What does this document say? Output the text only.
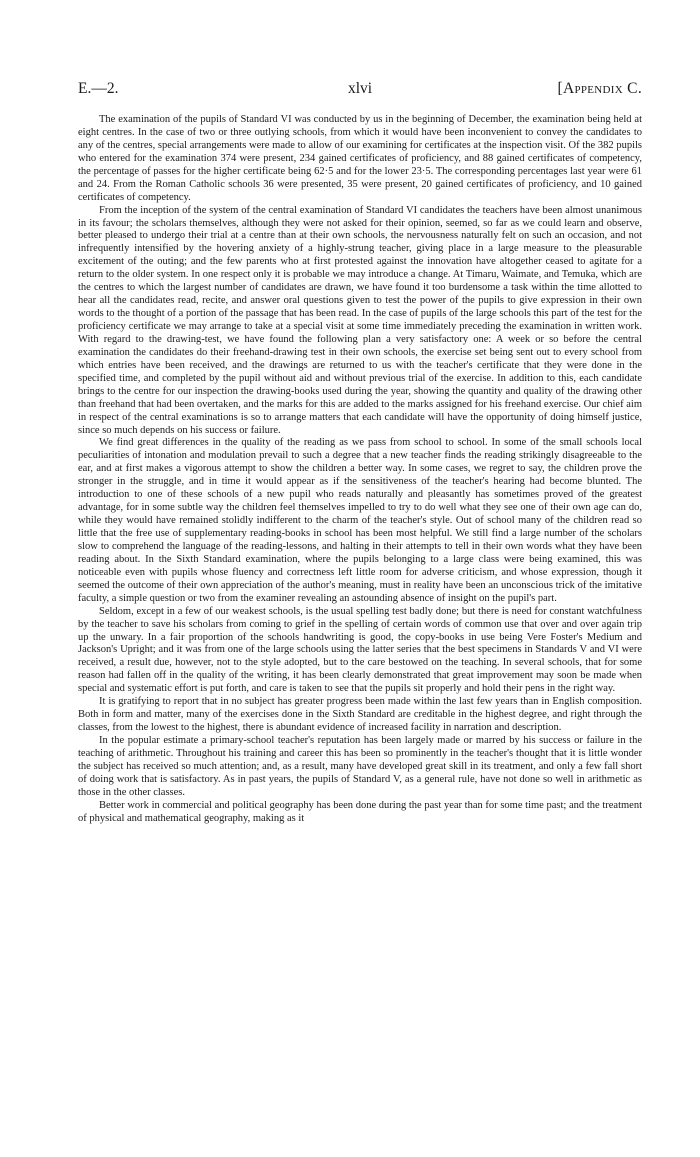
E.—2.	xlvi	[Appendix C.

The examination of the pupils of Standard VI was conducted by us in the beginning of December, the examination being held at eight centres. In the case of two or three outlying schools, from which it would have been inconvenient to convey the candidates to any of the centres, special arrangements were made to allow of our examining for certificates at the inspection visit. Of the 382 pupils who entered for the examination 374 were present, 234 gained certificates of proficiency, and 88 gained certificates of competency, the percentage of passes for the higher certificate being 62·5 and for the lower 23·5. The corresponding percentages last year were 61 and 24. From the Roman Catholic schools 36 were presented, 35 were present, 20 gained certificates of proficiency, and 10 gained certificates of competency.

From the inception of the system of the central examination of Standard VI candidates the teachers have been almost unanimous in its favour; the scholars themselves, although they were not asked for their opinion, seemed, so far as we could learn and observe, better pleased to undergo their trial at a centre than at their own schools, the nervousness naturally felt on such an occasion, and not infrequently intensified by the hovering anxiety of a highly-strung teacher, giving place in a large measure to the pleasurable excitement of the outing; and the few parents who at first protested against the innovation have altogether ceased to agitate for a return to the older system. In one respect only it is probable we may introduce a change. At Timaru, Waimate, and Temuka, which are the centres to which the largest number of candidates are drawn, we have found it too burdensome a task within the time allotted to hear all the candidates read, recite, and answer oral questions given to test the power of the pupils to give expression in their own words to the thought of a portion of the passage that has been read. In the case of pupils of the large schools this part of the test for the proficiency certificate we may arrange to take at a special visit at some time immediately preceding the examination in written work. With regard to the drawing-test, we have found the following plan a very satisfactory one: A week or so before the central examination the candidates do their freehand-drawing test in their own schools, the exercise set being sent out to every school from which entries have been received, and the drawings are returned to us with the teacher's certificate that they were done in the specified time, and completed by the pupil without aid and without previous trial of the exercise. In addition to this, each candidate brings to the centre for our inspection the drawing-books used during the year, showing the quantity and quality of the drawing other than freehand that had been overtaken, and the marks for this are added to the marks assigned for his freehand exercise. Our chief aim in respect of the central examinations is so to arrange matters that each candidate will have the opportunity of doing himself justice, since so much depends on his success or failure.

We find great differences in the quality of the reading as we pass from school to school. In some of the small schools local peculiarities of intonation and modulation prevail to such a degree that a new teacher finds the reading strikingly disagreeable to the ear, and at first makes a vigorous attempt to show the children a better way. In some cases, we regret to say, the children prove the stronger in the struggle, and in time it would appear as if the sensitiveness of the teacher's hearing had become blunted. The introduction to one of these schools of a new pupil who reads naturally and pleasantly has sometimes proved of the greatest advantage, for in some subtle way the children feel themselves impelled to try to do well what they see one of their own age can do, while they would have remained stolidly indifferent to the charm of the teacher's style. Out of school many of the children read so little that the free use of supplementary reading-books in school has been most helpful. We still find a large number of the scholars slow to comprehend the language of the reading-lessons, and halting in their attempts to tell in their own words what they have been reading about. In the Sixth Standard examination, where the pupils belonging to a large class were being examined, this was noticeable even with pupils whose fluency and correctness left little room for adverse criticism, and whose expression, though it seemed the outcome of their own appreciation of the author's meaning, must in reality have been an unconscious trick of the imitative faculty, a simple question or two from the examiner revealing an astounding absence of insight on the pupil's part.

Seldom, except in a few of our weakest schools, is the usual spelling test badly done; but there is need for constant watchfulness by the teacher to save his scholars from coming to grief in the spelling of certain words of common use that over and over again trip up the unwary. In a fair proportion of the schools handwriting is good, the copy-books in use being Vere Foster's Medium and Jackson's Upright; and it was from one of the large schools using the latter series that the best specimens in Standards V and VI were received, a result due, however, not to the style adopted, but to the care bestowed on the teaching. In several schools, that for some reason had fallen off in the quality of the writing, it has been clearly demonstrated that great improvement may soon be made when special and systematic effort is put forth, and care is taken to see that the pupils sit properly and hold their pens in the right way.

It is gratifying to report that in no subject has greater progress been made within the last few years than in English composition. Both in form and matter, many of the exercises done in the Sixth Standard are creditable in the highest degree, and right through the classes, from the lowest to the highest, there is abundant evidence of increased facility in narration and description.

In the popular estimate a primary-school teacher's reputation has been largely made or marred by his success or failure in the teaching of arithmetic. Throughout his training and career this has been so prominently in the teacher's thought that it is little wonder the subject has received so much attention; and, as a result, many have developed great skill in its treatment, and only a few fall short of doing work that is satisfactory. As in past years, the pupils of Standard V, as a general rule, have not done so well in arithmetic as those in the other classes.

Better work in commercial and political geography has been done during the past year than for some time past; and the treatment of physical and mathematical geography, making as it
